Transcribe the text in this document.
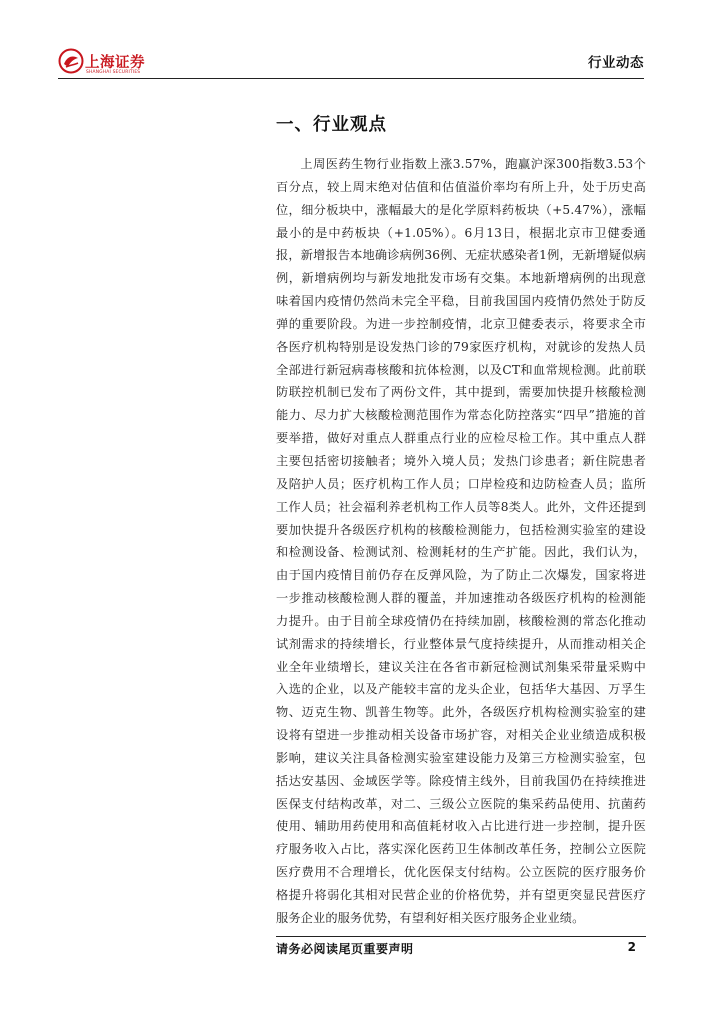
上海证券
SHANGHAI SECURITIES
行业动态
一、行业观点

上周医药生物行业指数上涨3.57%，跑赢沪深300指数3.53个百分点，较上周末绝对估值和估值溢价率均有所上升，处于历史高位，细分板块中，涨幅最大的是化学原料药板块（+5.47%），涨幅最小的是中药板块（+1.05%）。6月13日，根据北京市卫健委通报，新增报告本地确诊病例36例、无症状感染者1例，无新增疑似病例，新增病例均与新发地批发市场有交集。本地新增病例的出现意味着国内疫情仍然尚未完全平稳，目前我国国内疫情仍然处于防反弹的重要阶段。为进一步控制疫情，北京卫健委表示，将要求全市各医疗机构特别是设发热门诊的79家医疗机构，对就诊的发热人员全部进行新冠病毒核酸和抗体检测，以及CT和血常规检测。此前联防联控机制已发布了两份文件，其中提到，需要加快提升核酸检测能力、尽力扩大核酸检测范围作为常态化防控落实“四早”措施的首要举措，做好对重点人群重点行业的应检尽检工作。其中重点人群主要包括密切接触者；境外入境人员；发热门诊患者；新住院患者及陪护人员；医疗机构工作人员；口岸检疫和边防检查人员；监所工作人员；社会福利养老机构工作人员等8类人。此外，文件还提到要加快提升各级医疗机构的核酸检测能力，包括检测实验室的建设和检测设备、检测试剂、检测耗材的生产扩能。因此，我们认为，由于国内疫情目前仍存在反弹风险，为了防止二次爆发，国家将进一步推动核酸检测人群的覆盖，并加速推动各级医疗机构的检测能力提升。由于目前全球疫情仍在持续加剧，核酸检测的常态化推动试剂需求的持续增长，行业整体景气度持续提升，从而推动相关企业全年业绩增长，建议关注在各省市新冠检测试剂集采带量采购中入选的企业，以及产能较丰富的龙头企业，包括华大基因、万孚生物、迈克生物、凯普生物等。此外，各级医疗机构检测实验室的建设将有望进一步推动相关设备市场扩容，对相关企业业绩造成积极影响，建议关注具备检测实验室建设能力及第三方检测实验室，包括达安基因、金域医学等。除疫情主线外，目前我国仍在持续推进医保支付结构改革，对二、三级公立医院的集采药品使用、抗菌药使用、辅助用药使用和高值耗材收入占比进行进一步控制，提升医疗服务收入占比，落实深化医药卫生体制改革任务，控制公立医院医疗费用不合理增长，优化医保支付结构。公立医院的医疗服务价格提升将弱化其相对民营企业的价格优势，并有望更突显民营医疗服务企业的服务优势，有望利好相关医疗服务企业业绩。

请务必阅读尾页重要声明	2
